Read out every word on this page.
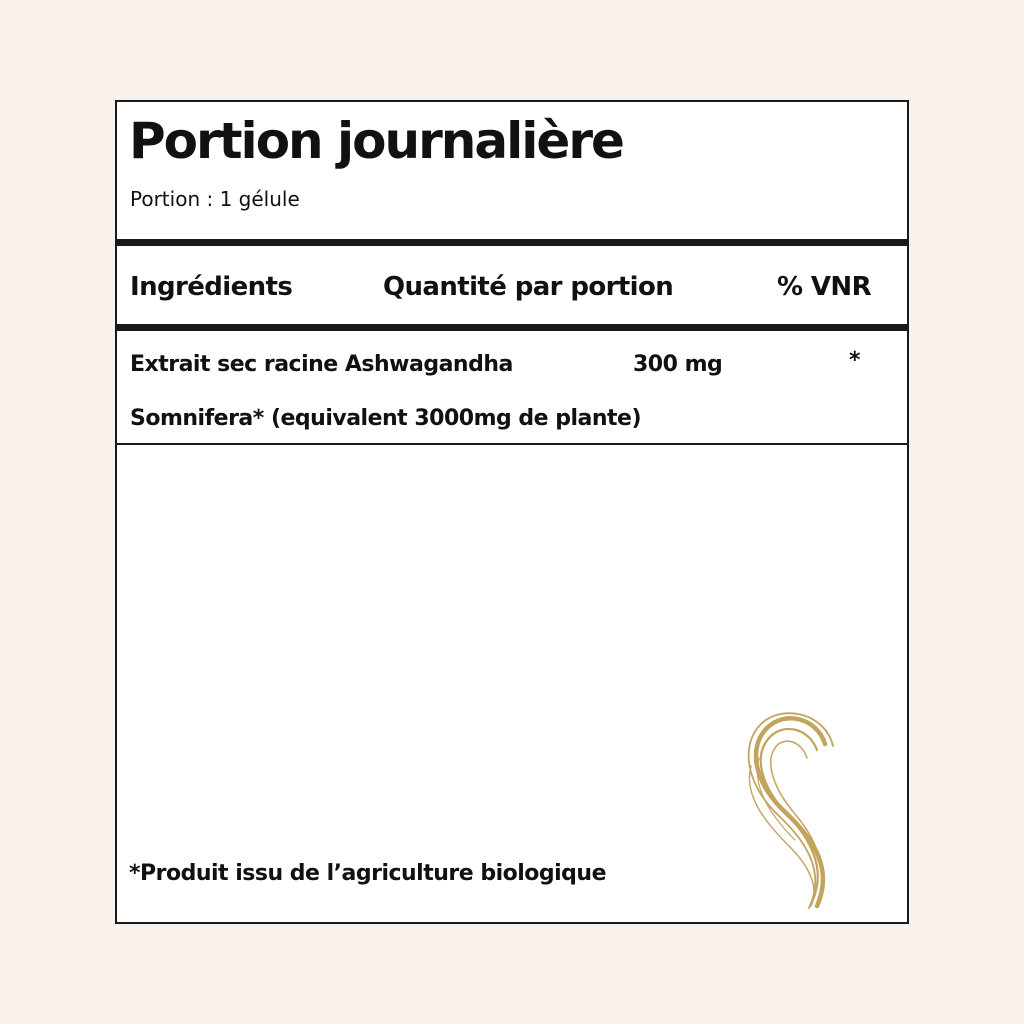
Portion journalière
Portion : 1 gélule
Ingrédients	Quantité par portion	% VNR
Extrait sec racine Ashwagandha	300 mg	*
Somnifera* (equivalent 3000mg de plante)
*Produit issu de l’agriculture biologique
